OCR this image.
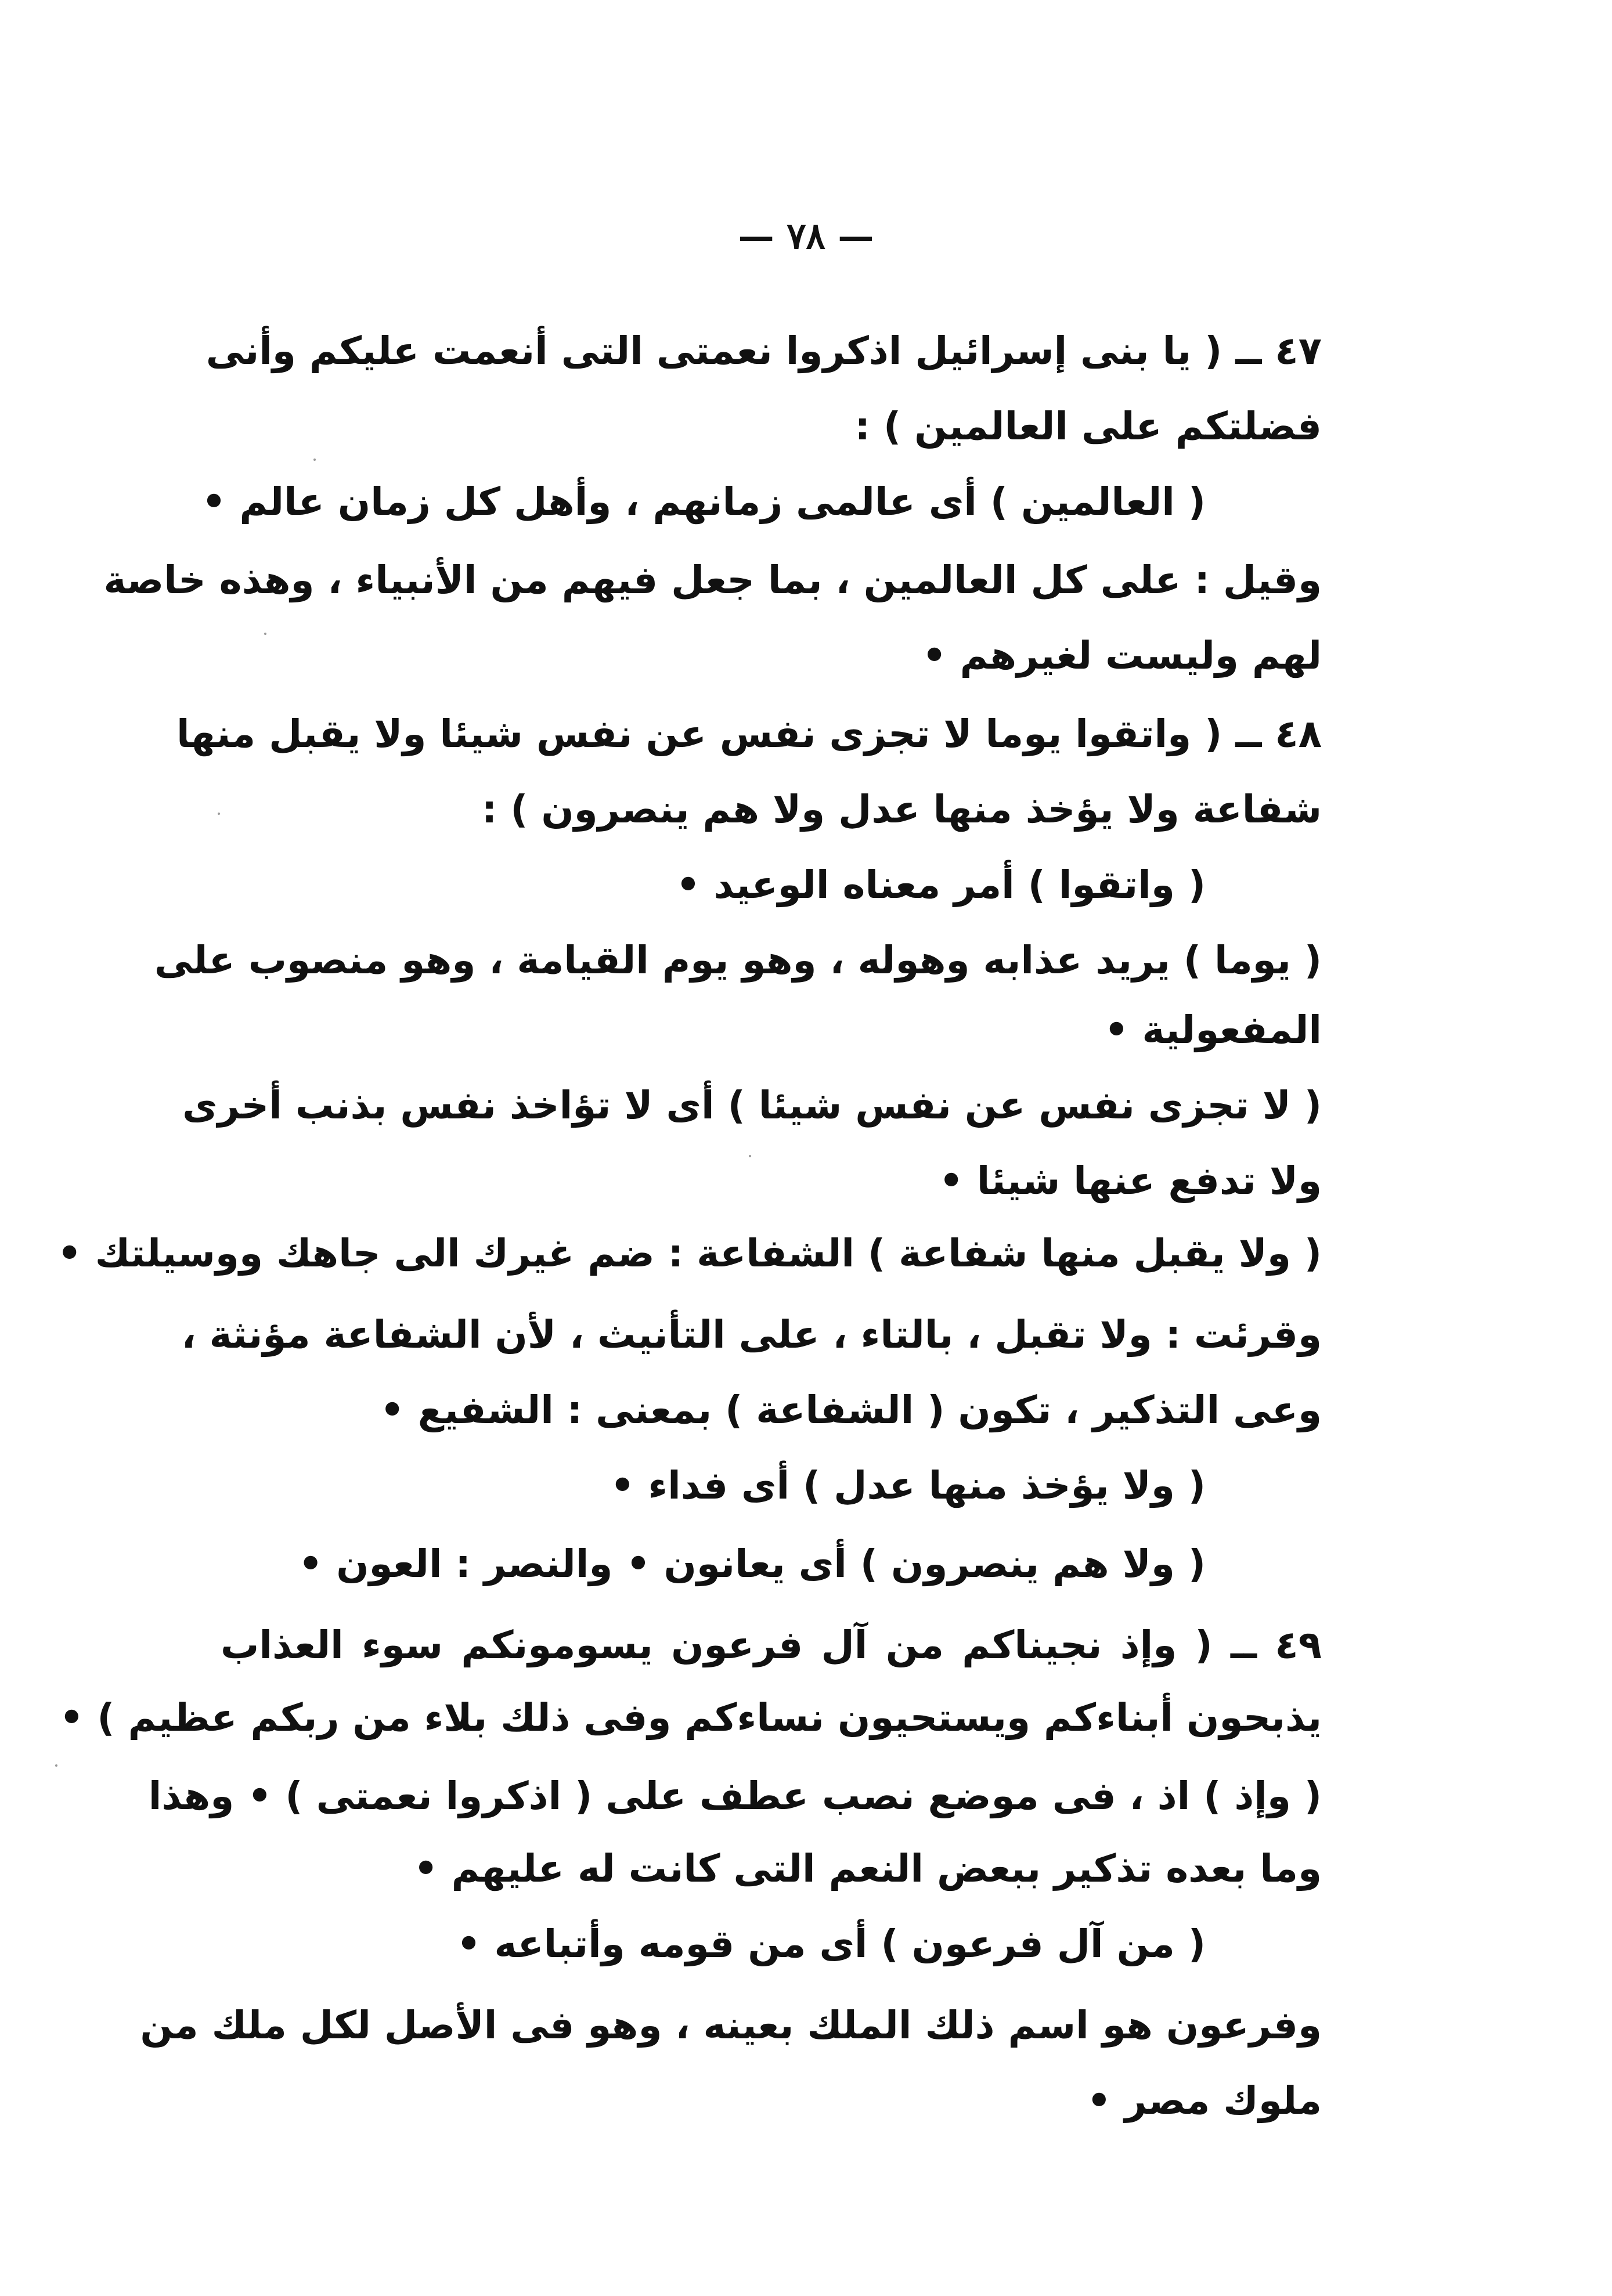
— ٧٨ —
٤٧ ــ ( يا بنى إسرائيل اذكروا نعمتى التى أنعمت عليكم وأنى
فضلتكم على العالمين ) :
( العالمين ) أى عالمى زمانهم ، وأهل كل زمان عالم •
وقيل : على كل العالمين ، بما جعل فيهم من الأنبياء ، وهذه خاصة
لهم وليست لغيرهم •
٤٨ ــ ( واتقوا يوما لا تجزى نفس عن نفس شيئا ولا يقبل منها
شفاعة ولا يؤخذ منها عدل ولا هم ينصرون ) :
( واتقوا ) أمر معناه الوعيد •
( يوما ) يريد عذابه وهوله ، وهو يوم القيامة ، وهو منصوب على
المفعولية •
( لا تجزى نفس عن نفس شيئا ) أى لا تؤاخذ نفس بذنب أخرى
ولا تدفع عنها شيئا •
( ولا يقبل منها شفاعة ) الشفاعة : ضم غيرك الى جاهك ووسيلتك •
وقرئت : ولا تقبل ، بالتاء ، على التأنيث ، لأن الشفاعة مؤنثة ،
وعى التذكير ، تكون ( الشفاعة ) بمعنى : الشفيع •
( ولا يؤخذ منها عدل ) أى فداء •
( ولا هم ينصرون ) أى يعانون • والنصر : العون •
٤٩ ــ ( وإذ نجيناكم من آل فرعون يسومونكم سوء العذاب
يذبحون أبناءكم ويستحيون نساءكم وفى ذلك بلاء من ربكم عظيم ) •
( وإذ ) اذ ، فى موضع نصب عطف على ( اذكروا نعمتى ) • وهذا
وما بعده تذكير ببعض النعم التى كانت له عليهم •
( من آل فرعون ) أى من قومه وأتباعه •
وفرعون هو اسم ذلك الملك بعينه ، وهو فى الأصل لكل ملك من
ملوك مصر •
